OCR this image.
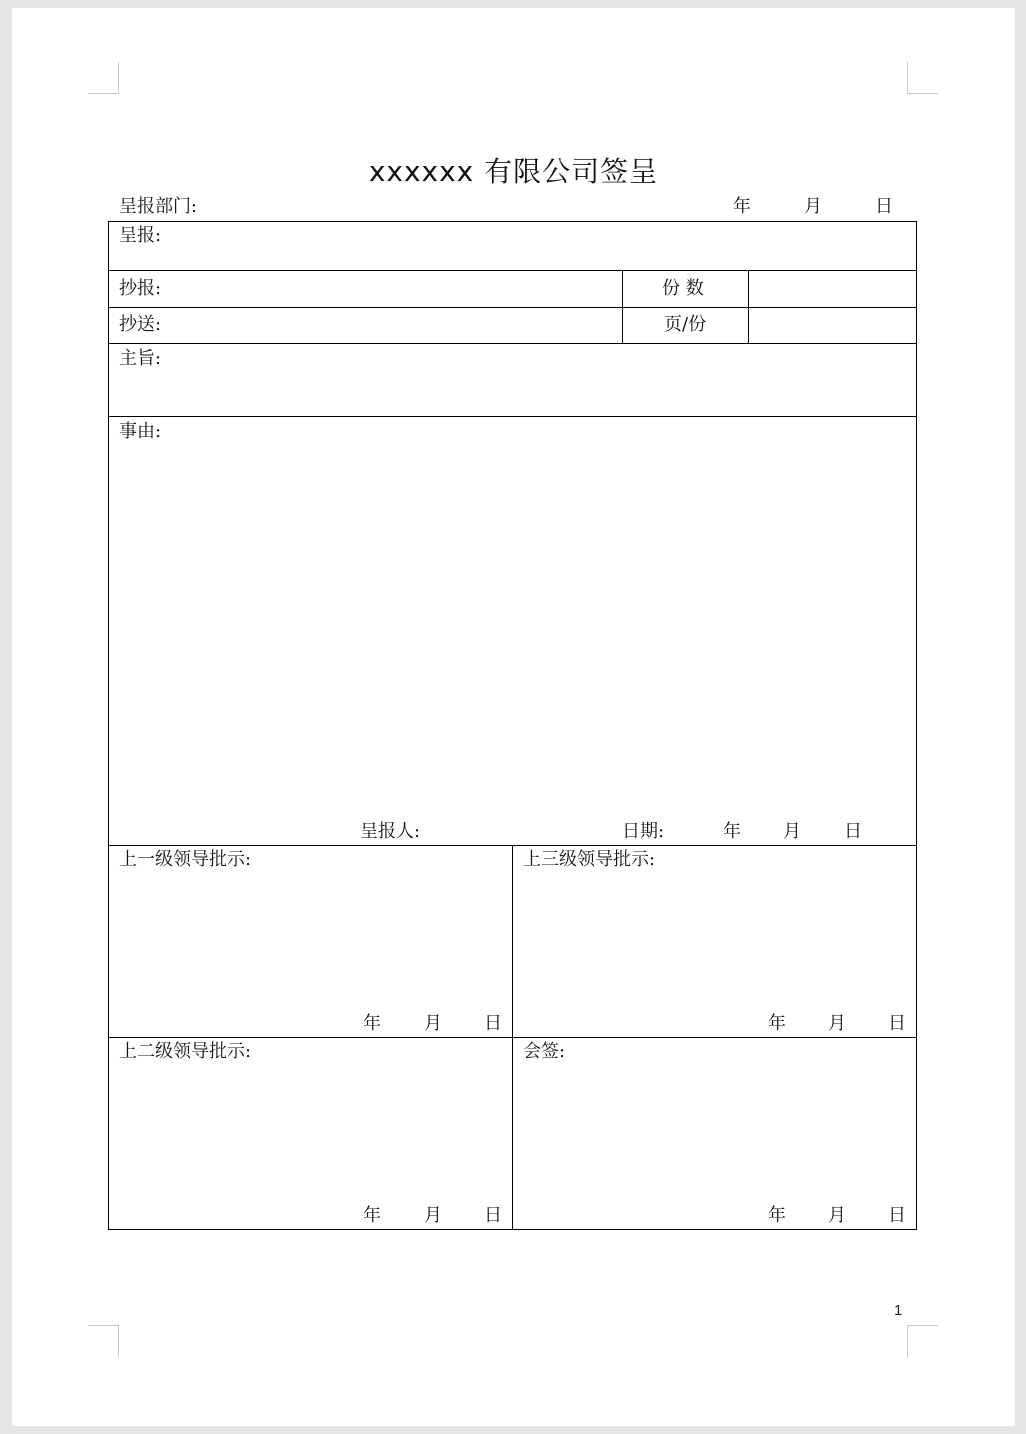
xxxxxx 有限公司签呈
呈报部门:	年	月	日
呈报:
抄报:	份 数
抄送:	页/份
主旨:
事由:
呈报人:	日期:	年 月 日
上一级领导批示:	上三级领导批示:
年 月 日	年 月 日
上二级领导批示:	会签:
年 月 日	年 月 日
1
